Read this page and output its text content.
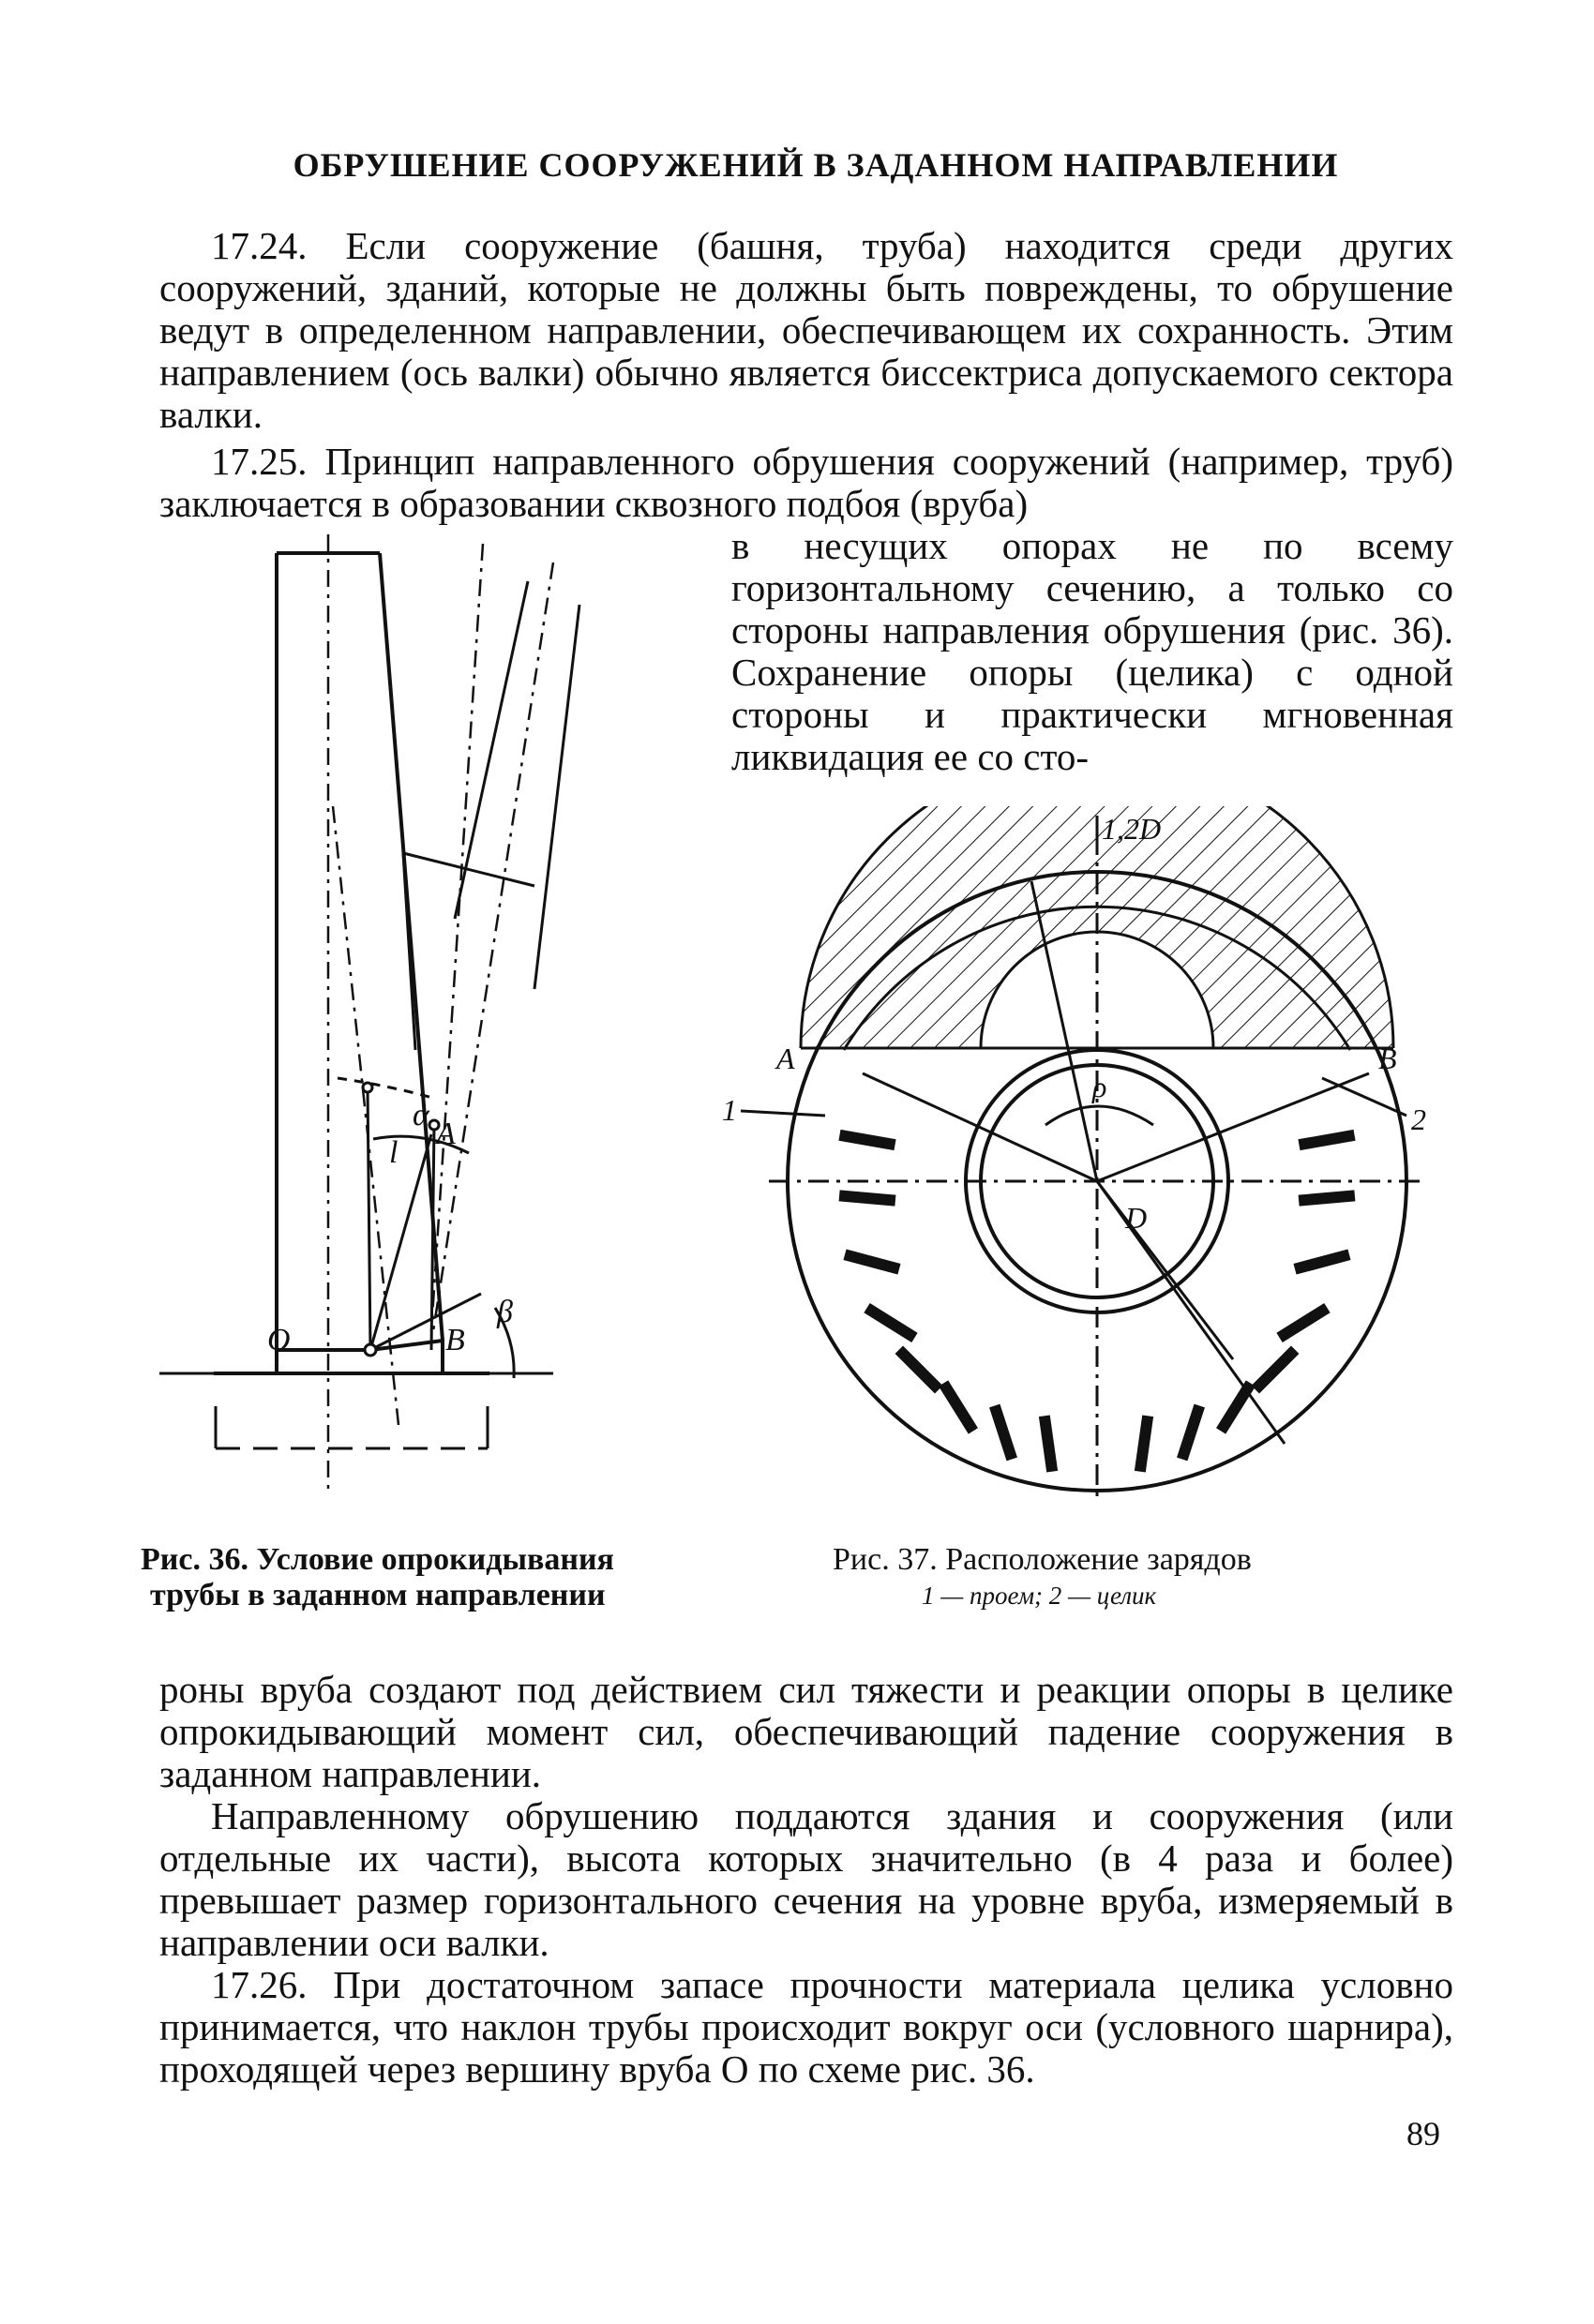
ОБРУШЕНИЕ СООРУЖЕНИЙ В ЗАДАННОМ НАПРАВЛЕНИИ

17.24. Если сооружение (башня, труба) находится среди других сооружений, зданий, которые не должны быть повреждены, то обрушение ведут в определенном направлении, обеспечивающем их сохранность. Этим направлением (ось валки) обычно является биссектриса допускаемого сектора валки.

17.25. Принцип направленного обрушения сооружений (например, труб) заключается в образовании сквозного подбоя (вруба)

в несущих опорах не по всему горизонтальному сечению, а только со стороны направления обрушения (рис. 36). Сохранение опоры (целика) с одной стороны и практически мгновенная ликвидация ее со сто-

O	B
A
α
β
l
1,2D
ρ
D
A	B
1	2
Рис. 36. Условие опрокидывания
трубы в заданном направлении
Рис. 37. Расположение зарядов
1 — проем; 2 — целик

роны вруба создают под действием сил тяжести и реакции опоры в целике опрокидывающий момент сил, обеспечивающий падение сооружения в заданном направлении.

Направленному обрушению поддаются здания и сооружения (или отдельные их части), высота которых значительно (в 4 раза и более) превышает размер горизонтального сечения на уровне вруба, измеряемый в направлении оси валки.

17.26. При достаточном запасе прочности материала целика условно принимается, что наклон трубы происходит вокруг оси (условного шарнира), проходящей через вершину вруба О по схеме рис. 36.

89
